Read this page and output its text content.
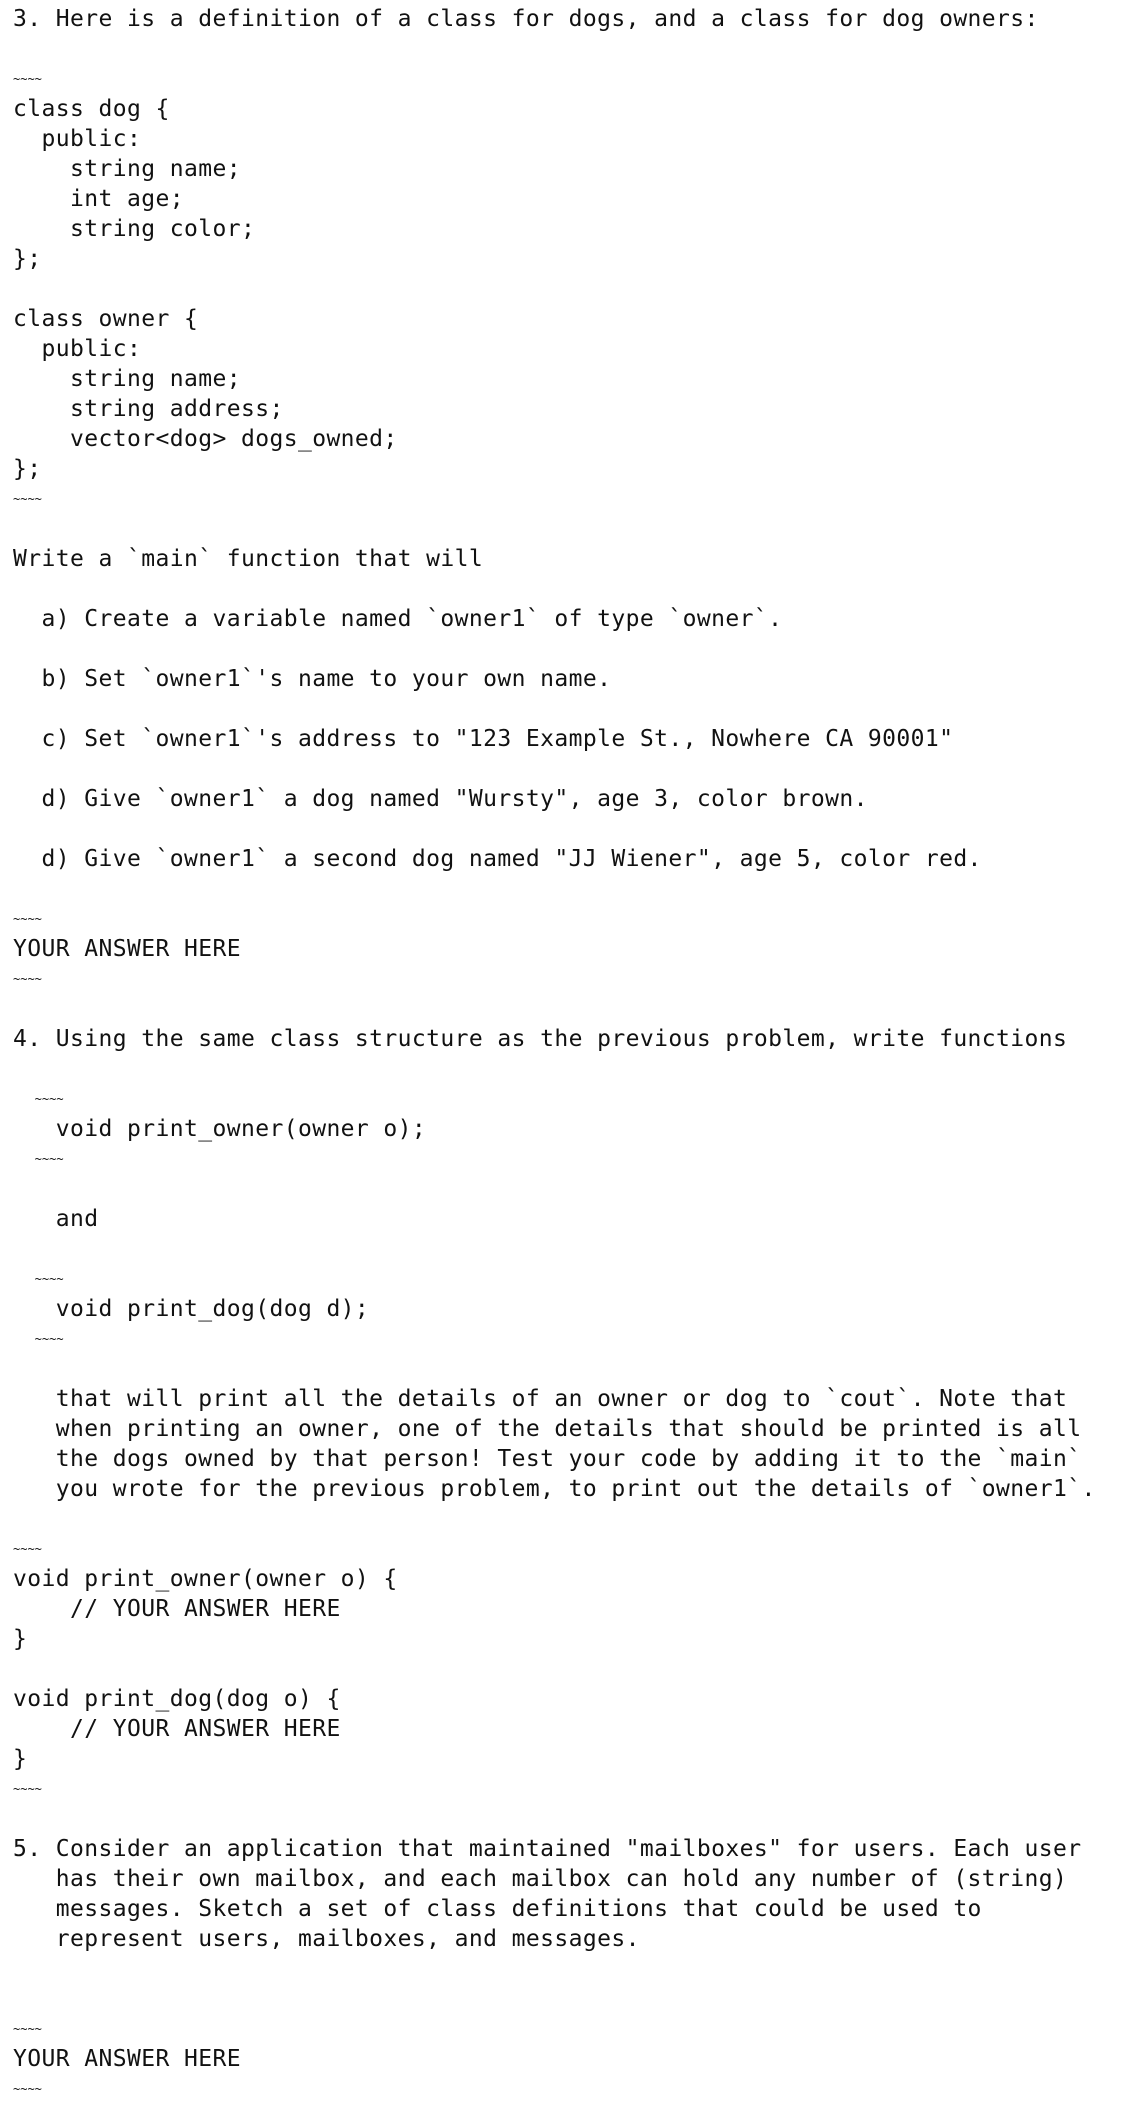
3. Here is a definition of a class for dogs, and a class for dog owners:
~~~~
class dog {
public:
string name;
int age;
string color;
};
class owner {
public:
string name;
string address;
vector<dog> dogs_owned;
};
~~~~
Write a `main` function that will
a) Create a variable named `owner1` of type `owner`.
b) Set `owner1`'s name to your own name.
c) Set `owner1`'s address to "123 Example St., Nowhere CA 90001"
d) Give `owner1` a dog named "Wursty", age 3, color brown.
d) Give `owner1` a second dog named "JJ Wiener", age 5, color red.
~~~~
YOUR ANSWER HERE
~~~~
4. Using the same class structure as the previous problem, write functions
~~~~
void print_owner(owner o);
~~~~
and
~~~~
void print_dog(dog d);
~~~~
that will print all the details of an owner or dog to `cout`. Note that
when printing an owner, one of the details that should be printed is all
the dogs owned by that person! Test your code by adding it to the `main`
you wrote for the previous problem, to print out the details of `owner1`.
~~~~
void print_owner(owner o) {
// YOUR ANSWER HERE
}
void print_dog(dog o) {
// YOUR ANSWER HERE
}
~~~~
5. Consider an application that maintained "mailboxes" for users. Each user
has their own mailbox, and each mailbox can hold any number of (string)
messages. Sketch a set of class definitions that could be used to
represent users, mailboxes, and messages.
~~~~
YOUR ANSWER HERE
~~~~
